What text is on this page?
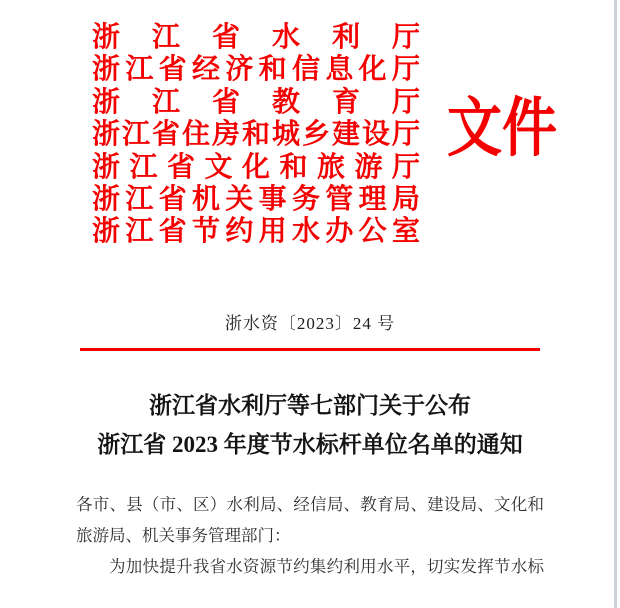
浙江省水利厅
浙江省经济和信息化厅
浙江省教育厅
浙江省住房和城乡建设厅
浙江省文化和旅游厅
浙江省机关事务管理局
浙江省节约用水办公室
文件
浙水资〔2023〕24 号
浙江省水利厅等七部门关于公布
浙江省 2023 年度节水标杆单位名单的通知
各市、县（市、区）水利局、经信局、教育局、建设局、文化和
旅游局、机关事务管理部门：
为加快提升我省水资源节约集约利用水平，切实发挥节水标
